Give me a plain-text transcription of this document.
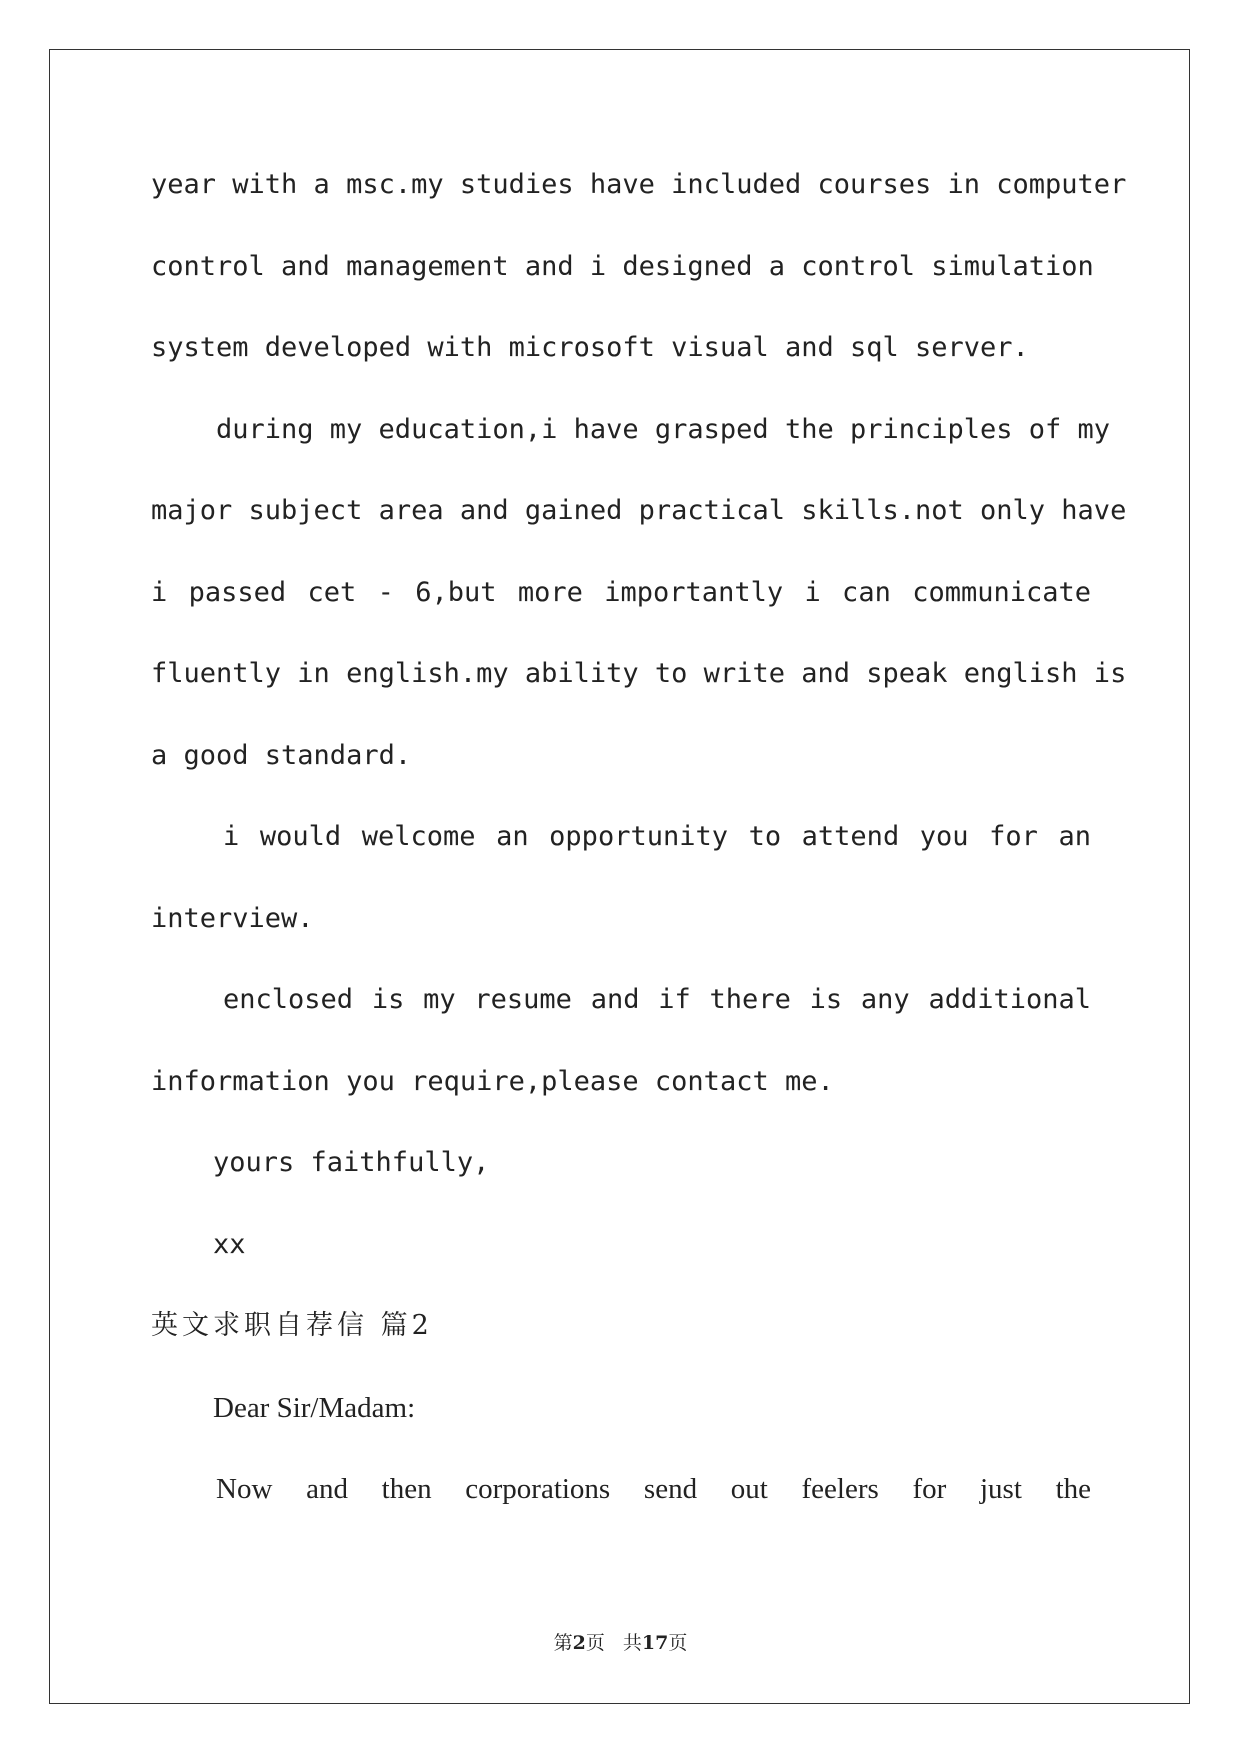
year with a msc.my studies have included courses in computer
control and management and i designed a control simulation
system developed with microsoft visual and sql server.
during my education,i have grasped the principles of my
major subject area and gained practical skills.not only have
i passed cet - 6,but more importantly i can communicate
fluently in english.my ability to write and speak english is
a good standard.
i would welcome an opportunity to attend you for an
interview.
enclosed is my resume and if there is any additional
information you require,please contact me.
yours faithfully,
xx
英文求职自荐信 篇2
Dear Sir/Madam:
Now and then corporations send out feelers for just the
第2页 共17页
